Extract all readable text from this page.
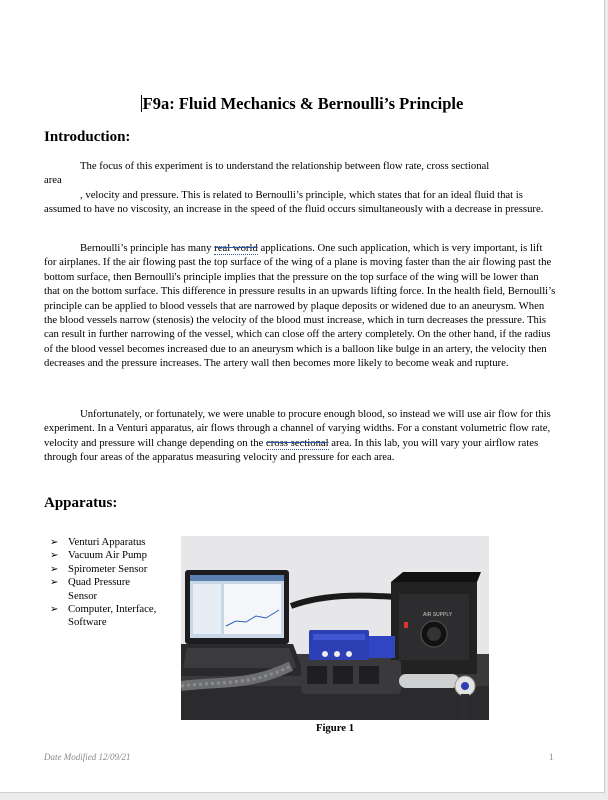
F9a: Fluid Mechanics & Bernoulli’s Principle
Introduction:

The focus of this experiment is to understand the relationship between flow rate, cross sectional
area
, velocity and pressure. This is related to Bernoulli’s principle, which states that for an ideal fluid that is assumed to have no viscosity, an increase in the speed of the fluid occurs simultaneously with a decrease in pressure.

Bernoulli’s principle has many real world applications. One such application, which is very important, is lift for airplanes. If the air flowing past the top surface of the wing of a plane is moving faster than the air flowing past the bottom surface, then Bernoulli's principle implies that the pressure on the top surface of the wing will be lower than that on the bottom surface. This difference in pressure results in an upwards lifting force. In the health field, Bernoulli’s principle can be applied to blood vessels that are narrowed by plaque deposits or widened due to an aneurysm. When the blood vessels narrow (stenosis) the velocity of the blood must increase, which in turn decreases the pressure. This can result in further narrowing of the vessel, which can close off the artery completely. On the other hand, if the radius of the blood vessel becomes increased due to an aneurysm which is a balloon like bulge in an artery, the velocity then decreases and the pressure increases. The artery wall then becomes more likely to become weak and rupture.

Unfortunately, or fortunately, we were unable to procure enough blood, so instead we will use air flow for this experiment. In a Venturi apparatus, air flows through a channel of varying widths. For a constant volumetric flow rate, velocity and pressure will change depending on the cross sectional area. In this lab, you will vary your airflow rates through four areas of the apparatus measuring velocity and pressure for each area.

Apparatus:
➢ Venturi Apparatus
➢ Vacuum Air Pump
➢ Spirometer Sensor
➢ Quad Pressure Sensor
➢ Computer, Interface, Software
AIR SUPPLY
Figure 1
Date Modified 12/09/21	1
